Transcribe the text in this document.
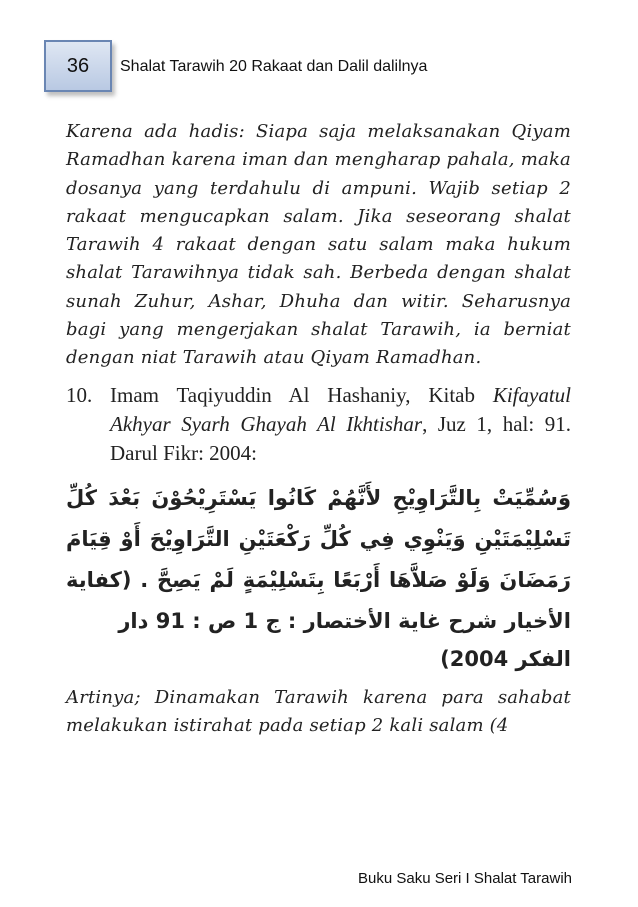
36 Shalat Tarawih 20 Rakaat dan Dalil dalilnya

Karena ada hadis: Siapa saja melaksanakan Qiyam Ramadhan karena iman dan mengharap pahala, maka dosanya yang terdahulu di ampuni. Wajib setiap 2 rakaat mengucapkan salam. Jika seseorang shalat Tarawih 4 rakaat dengan satu salam maka hukum shalat Tarawihnya tidak sah. Berbeda dengan shalat sunah Zuhur, Ashar, Dhuha dan witir. Seharusnya bagi yang mengerjakan shalat Tarawih, ia berniat dengan niat Tarawih atau Qiyam Ramadhan.

10. Imam Taqiyuddin Al Hashaniy, Kitab Kifayatul Akhyar Syarh Ghayah Al Ikhtishar, Juz 1, hal: 91. Darul Fikr: 2004:
وَسُمِّيَتْ بِالتَّرَاوِيْحِ لأَنَّهُمْ كَانُوا يَسْتَرِيْحُوْنَ بَعْدَ كُلِّ تَسْلِيْمَتَيْنِ وَيَنْوِي فِي كُلِّ رَكْعَتَيْنِ التَّرَاوِيْحَ أَوْ قِيَامَ رَمَضَانَ وَلَوْ صَلاَّهَا أَرْبَعًا بِتَسْلِيْمَةٍ لَمْ يَصِحَّ . (كفاية الأخيار شرح غاية الأختصار : ج 1 ص : 91 دار
الفكر 2004)

Artinya; Dinamakan Tarawih karena para sahabat melakukan istirahat pada setiap 2 kali salam (4

Buku Saku Seri I Shalat Tarawih
